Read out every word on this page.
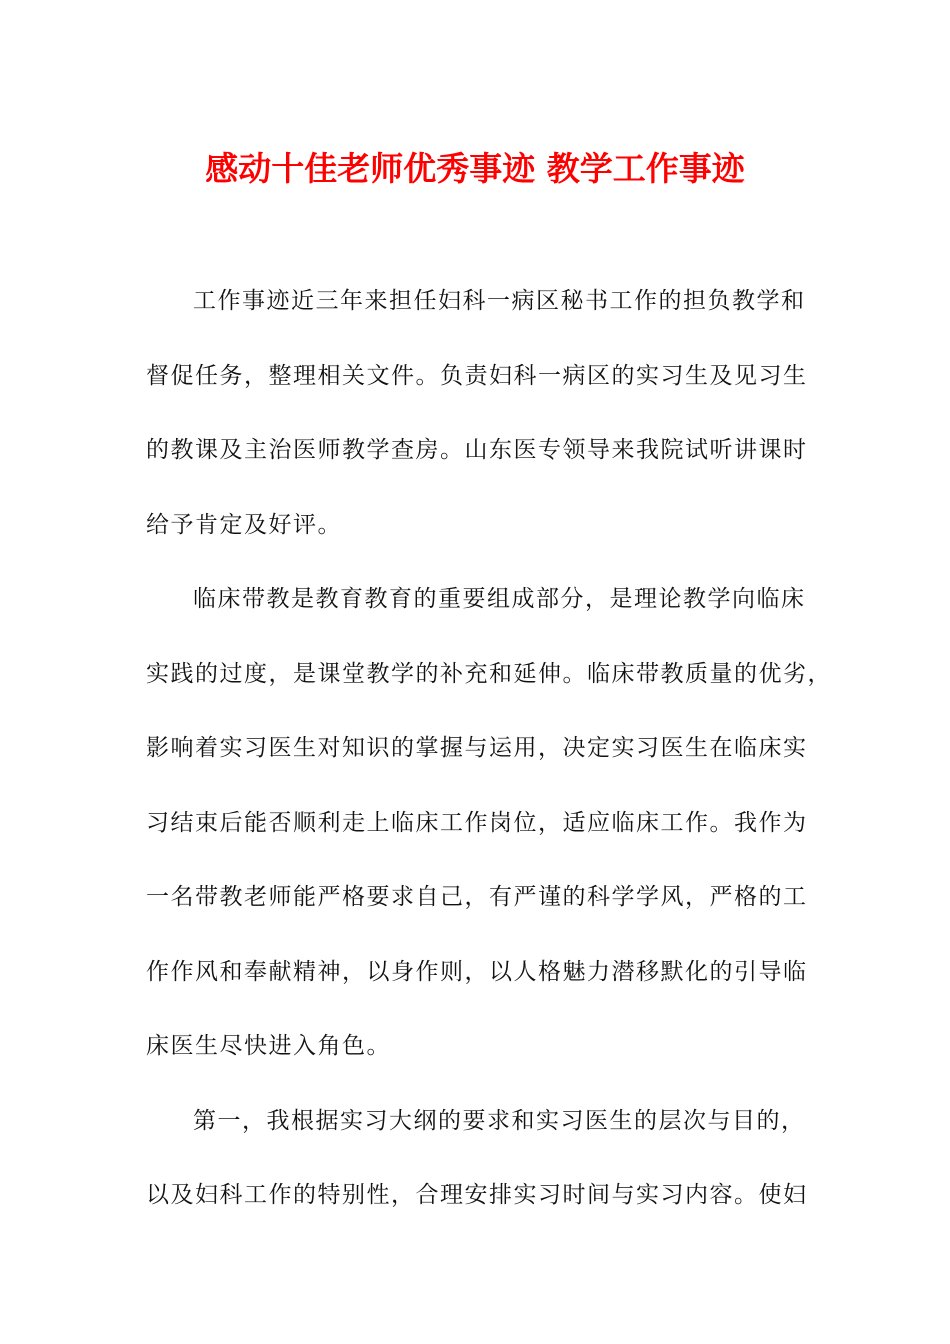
感动十佳老师优秀事迹 教学工作事迹
工作事迹近三年来担任妇科一病区秘书工作的担负教学和
督促任务，整理相关文件。负责妇科一病区的实习生及见习生
的教课及主治医师教学查房。山东医专领导来我院试听讲课时
给予肯定及好评。
临床带教是教育教育的重要组成部分，是理论教学向临床
实践的过度，是课堂教学的补充和延伸。临床带教质量的优劣，
影响着实习医生对知识的掌握与运用，决定实习医生在临床实
习结束后能否顺利走上临床工作岗位，适应临床工作。我作为
一名带教老师能严格要求自己，有严谨的科学学风，严格的工
作作风和奉献精神，以身作则，以人格魅力潜移默化的引导临
床医生尽快进入角色。
第一，我根据实习大纲的要求和实习医生的层次与目的，
以及妇科工作的特别性，合理安排实习时间与实习内容。使妇
